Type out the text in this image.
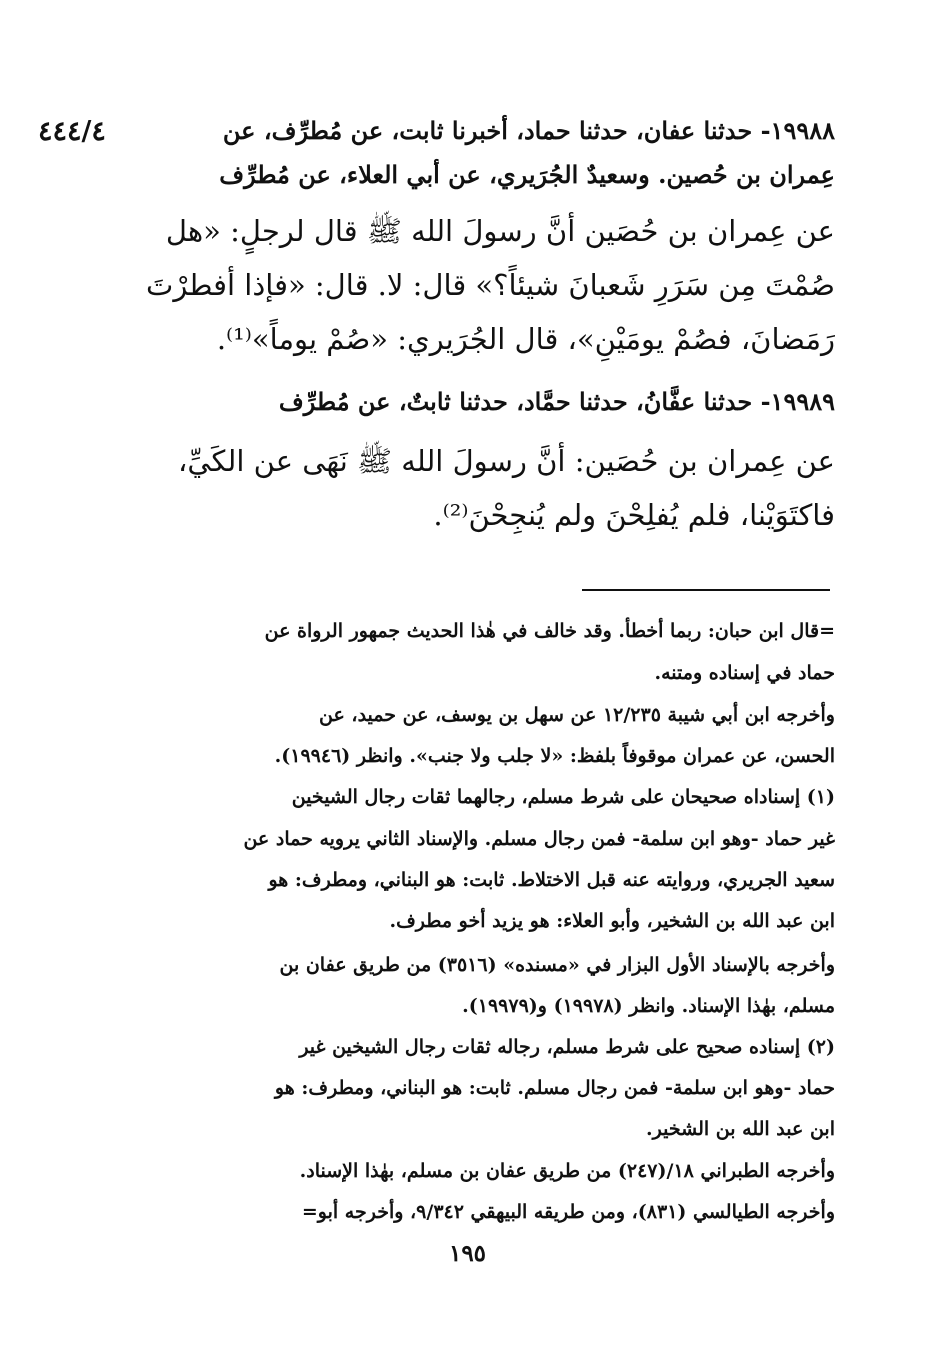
٤٤٤/٤	١٩٩٨٨- حدثنا عفان، حدثنا حماد، أخبرنا ثابت، عن مُطرِّف، عن
عِمران بن حُصين. وسعيدٌ الجُرَيري، عن أبي العلاء، عن مُطرِّف
عن عِمران بن حُصَين أنَّ رسولَ الله ﷺ قال لرجلٍ: «هل
صُمْتَ مِن سَرَرِ شَعبانَ شيئاً؟» قال: لا. قال: «فإذا أفطرْتَ
رَمَضانَ، فصُمْ يومَيْنِ»، قال الجُرَيري: «صُمْ يوماً»⁽¹⁾.
١٩٩٨٩- حدثنا عفَّانُ، حدثنا حمَّاد، حدثنا ثابتٌ، عن مُطرِّف
عن عِمران بن حُصَين: أنَّ رسولَ الله ﷺ نَهَى عن الكَيِّ،
فاكتَوَيْنا، فلم يُفلِحْنَ ولم يُنجِحْنَ⁽²⁾.
=قال ابن حبان: ربما أخطأ. وقد خالف في هٰذا الحديث جمهور الرواة عن
حماد في إسناده ومتنه.
وأخرجه ابن أبي شيبة ١٢/٢٣٥ عن سهل بن يوسف، عن حميد، عن
الحسن، عن عمران موقوفاً بلفظ: «لا جلب ولا جنب». وانظر (١٩٩٤٦).
(١) إسناداه صحيحان على شرط مسلم، رجالهما ثقات رجال الشيخين
غير حماد -وهو ابن سلمة- فمن رجال مسلم. والإسناد الثاني يرويه حماد عن
سعيد الجريري، وروايته عنه قبل الاختلاط. ثابت: هو البناني، ومطرف: هو
ابن عبد الله بن الشخير، وأبو العلاء: هو يزيد أخو مطرف.
وأخرجه بالإسناد الأول البزار في «مسنده» (٣٥١٦) من طريق عفان بن
مسلم، بهٰذا الإسناد. وانظر (١٩٩٧٨) و(١٩٩٧٩).
(٢) إسناده صحيح على شرط مسلم، رجاله ثقات رجال الشيخين غير
حماد -وهو ابن سلمة- فمن رجال مسلم. ثابت: هو البناني، ومطرف: هو
ابن عبد الله بن الشخير.
وأخرجه الطبراني ١٨/(٢٤٧) من طريق عفان بن مسلم، بهٰذا الإسناد.
وأخرجه الطيالسي (٨٣١)، ومن طريقه البيهقي ٩/٣٤٢، وأخرجه أبو=
١٩٥
